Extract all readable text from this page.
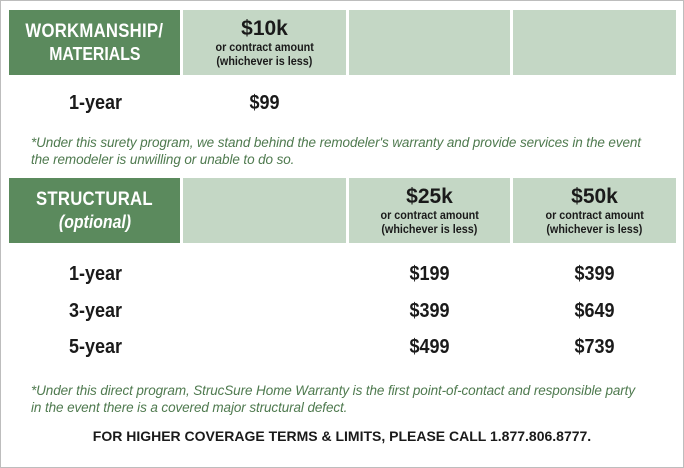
WORKMANSHIP/
MATERIALS
$10k
or contract amount
(whichever is less)
1-year	$99
*Under this surety program, we stand behind the remodeler's warranty and provide services in the event
the remodeler is unwilling or unable to do so.
STRUCTURAL
(optional)
$25k
or contract amount
(whichever is less)
$50k
or contract amount
(whichever is less)
1-year	$199	$399
3-year	$399	$649
5-year	$499	$739
*Under this direct program, StrucSure Home Warranty is the first point-of-contact and responsible party
in the event there is a covered major structural defect.
FOR HIGHER COVERAGE TERMS & LIMITS, PLEASE CALL 1.877.806.8777.
